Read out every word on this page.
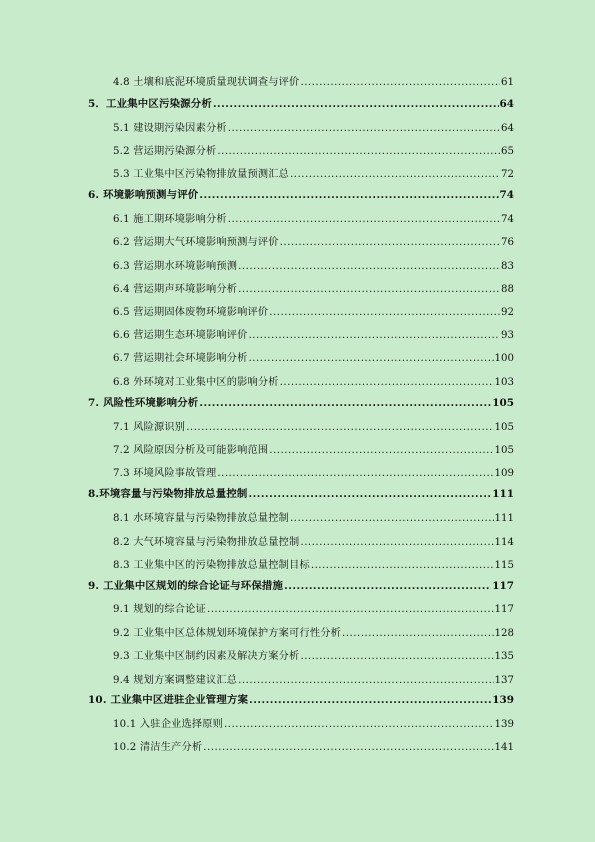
4.8 土壤和底泥环境质量现状调查与评价 .....	61
5．工业集中区污染源分析 .....	64
5.1 建设期污染因素分析 .....	64
5.2 营运期污染源分析 .....	65
5.3 工业集中区污染物排放量预测汇总 .....	72
6. 环境影响预测与评价 .....	74
6.1 施工期环境影响分析 .....	74
6.2 营运期大气环境影响预测与评价 .....	76
6.3 营运期水环境影响预测 .....	83
6.4 营运期声环境影响分析 .....	88
6.5 营运期固体废物环境影响评价 .....	92
6.6 营运期生态环境影响评价 .....	93
6.7 营运期社会环境影响分析 .....	100
6.8 外环境对工业集中区的影响分析 .....	103
7. 风险性环境影响分析 .....	105
7.1 风险源识别 .....	105
7.2 风险原因分析及可能影响范围 .....	105
7.3 环境风险事故管理 .....	109
8.环境容量与污染物排放总量控制 .....	111
8.1 水环境容量与污染物排放总量控制 .....	111
8.2 大气环境容量与污染物排放总量控制 .....	114
8.3 工业集中区的污染物排放总量控制目标 .....	115
9. 工业集中区规划的综合论证与环保措施 .....	117
9.1 规划的综合论证 .....	117
9.2 工业集中区总体规划环境保护方案可行性分析 .....	128
9.3 工业集中区制约因素及解决方案分析 .....	135
9.4 规划方案调整建议汇总 .....	137
10. 工业集中区进驻企业管理方案 .....	139
10.1 入驻企业选择原则 .....	139
10.2 清洁生产分析 .....	141
